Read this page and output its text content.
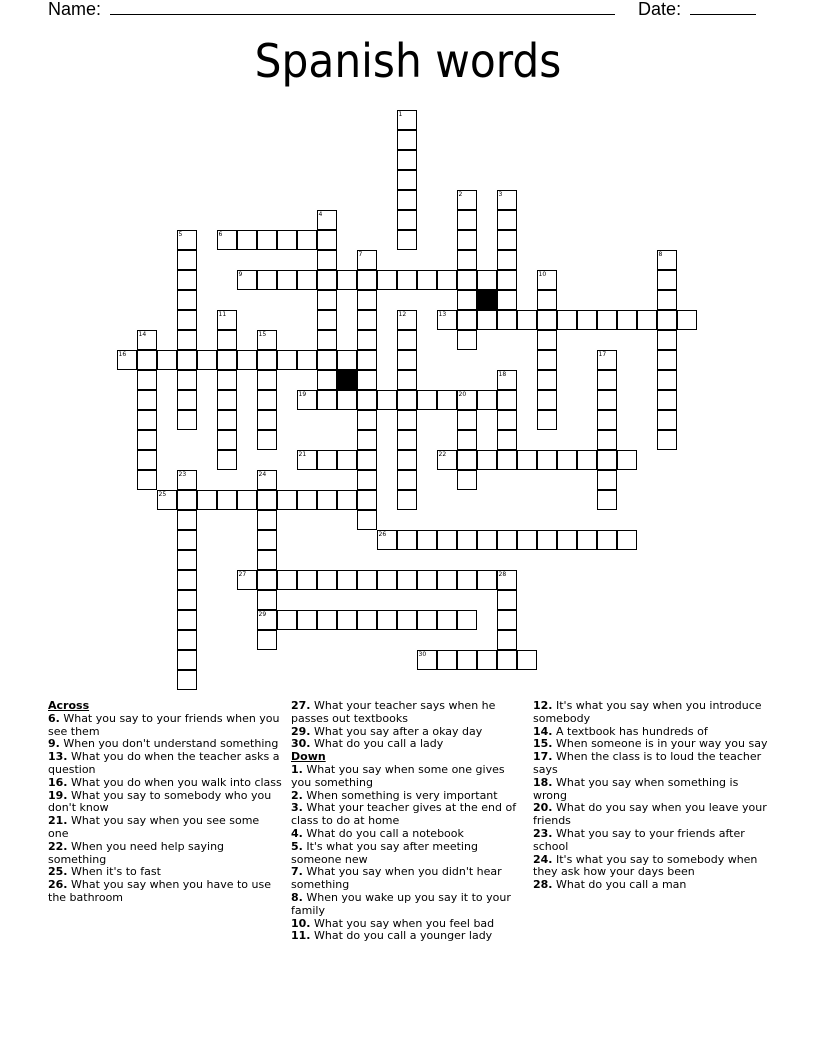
Name:	Date:
Spanish words
1
2	3
4
5	6
7	8
9	10
11	12	13
14	15
16	17
18
19	20
21	22
23	24
29
25
26
27	28
30
Across
6. What you say to your friends when you see them
9. When you don't understand something
13. What you do when the teacher asks a question
16. What you do when you walk into class
19. What you say to somebody who you don't know
21. What you say when you see some one
22. When you need help saying something
25. When it's to fast
26. What you say when you have to use the bathroom
27. What your teacher says when he passes out textbooks
29. What you say after a okay day
30. What do you call a lady
Down
1. What you say when some one gives you something
2. When something is very important
3. What your teacher gives at the end of class to do at home
4. What do you call a notebook
5. It's what you say after meeting someone new
7. What you say when you didn't hear something
8. When you wake up you say it to your family
10. What you say when you feel bad
11. What do you call a younger lady
12. It's what you say when you introduce somebody
14. A textbook has hundreds of
15. When someone is in your way you say
17. When the class is to loud the teacher says
18. What you say when something is wrong
20. What do you say when you leave your friends
23. What you say to your friends after school
24. It's what you say to somebody when they ask how your days been
28. What do you call a man
